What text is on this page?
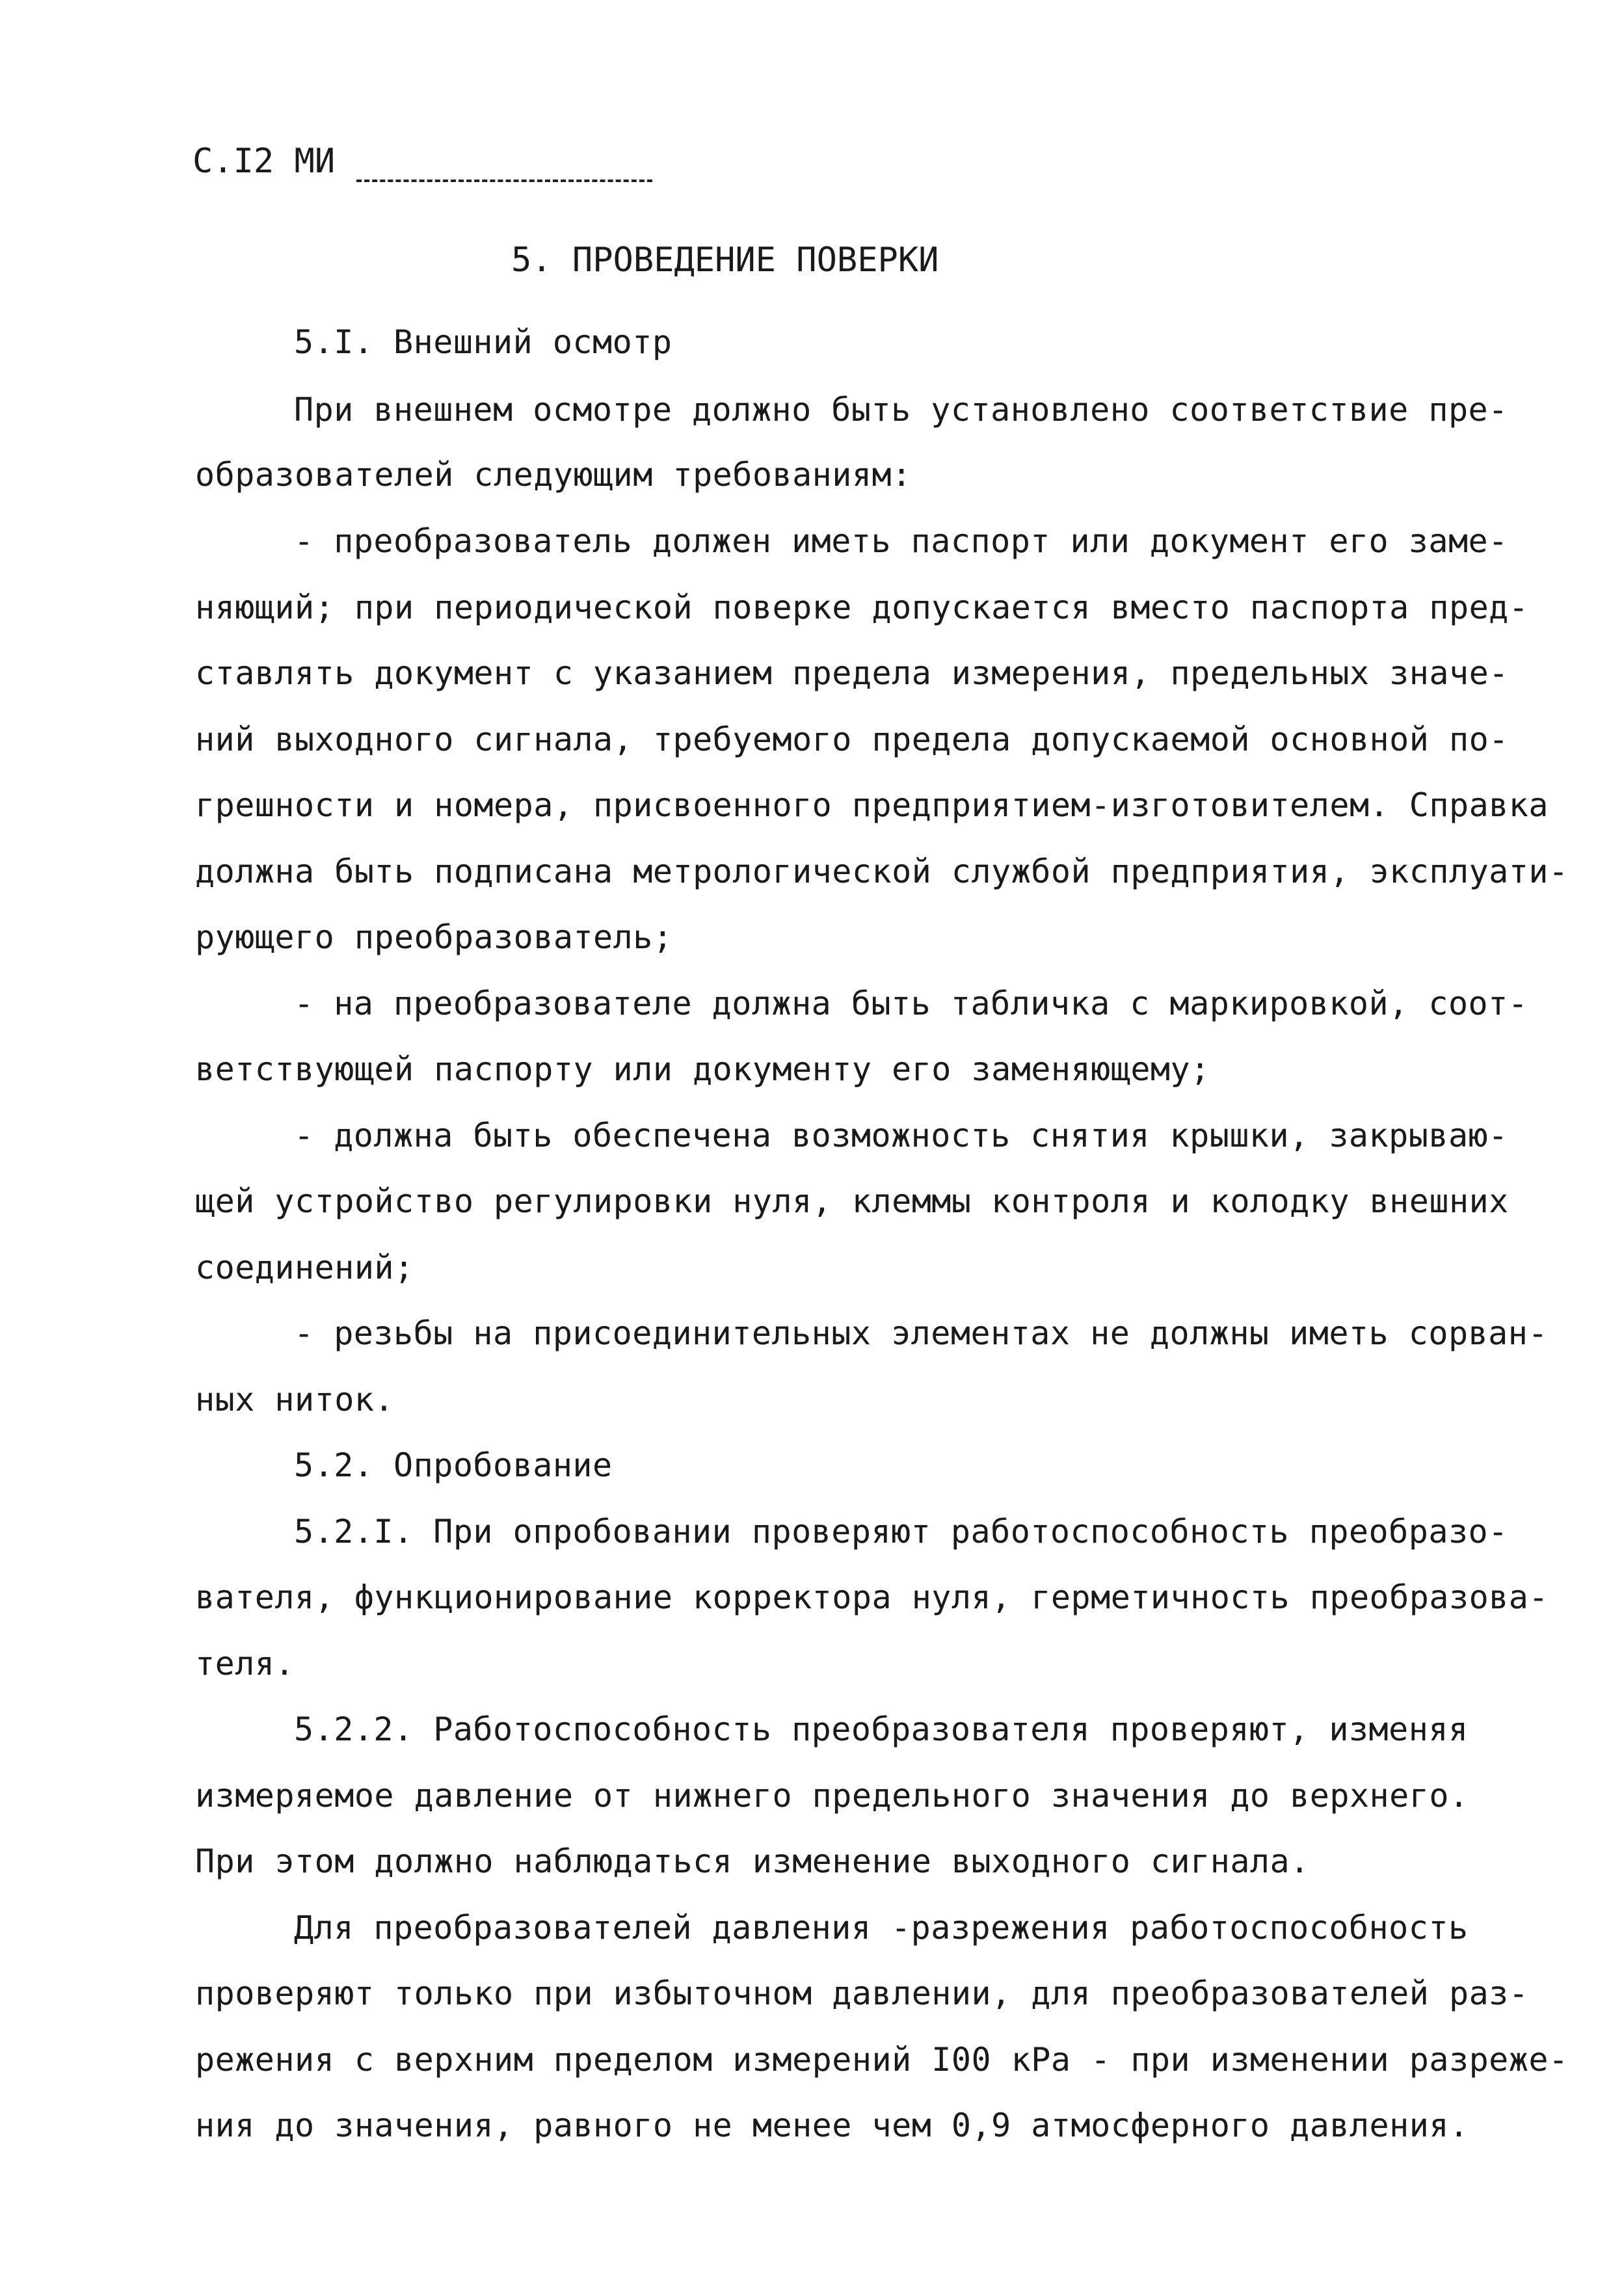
С.I2 МИ
5. ПРОВЕДЕНИЕ ПОВЕРКИ
5.I. Внешний осмотр
При внешнем осмотре должно быть установлено соответствие пре-
образователей следующим требованиям:
- преобразователь должен иметь паспорт или документ его заме-
няющий; при периодической поверке допускается вместо паспорта пред-
ставлять документ с указанием предела измерения, предельных значе-
ний выходного сигнала, требуемого предела допускаемой основной по-
грешности и номера, присвоенного предприятием-изготовителем. Справка
должна быть подписана метрологической службой предприятия, эксплуати-
рующего преобразователь;
- на преобразователе должна быть табличка с маркировкой, соот-
ветствующей паспорту или документу его заменяющему;
- должна быть обеспечена возможность снятия крышки, закрываю-
щей устройство регулировки нуля, клеммы контроля и колодку внешних
соединений;
- резьбы на присоединительных элементах не должны иметь сорван-
ных ниток.
5.2. Опробование
5.2.I. При опробовании проверяют работоспособность преобразо-
вателя, функционирование корректора нуля, герметичность преобразова-
теля.
5.2.2. Работоспособность преобразователя проверяют, изменяя
измеряемое давление от нижнего предельного значения до верхнего.
При этом должно наблюдаться изменение выходного сигнала.
Для преобразователей давления -разрежения работоспособность
проверяют только при избыточном давлении, для преобразователей раз-
режения с верхним пределом измерений I00 кРа - при изменении разреже-
ния до значения, равного не менее чем 0,9 атмосферного давления.
